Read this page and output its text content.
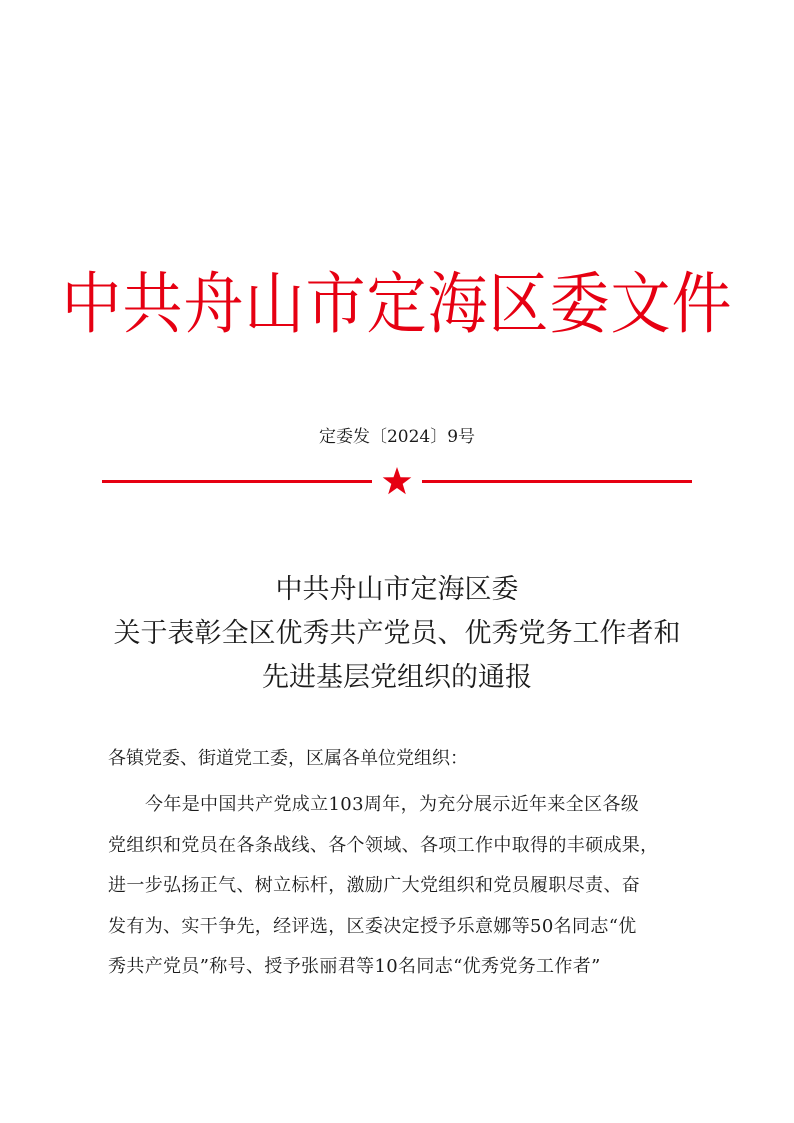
中共舟山市定海区委文件
定委发〔2024〕9号
中共舟山市定海区委
关于表彰全区优秀共产党员、优秀党务工作者和
先进基层党组织的通报
各镇党委、街道党工委，区属各单位党组织：
今年是中国共产党成立103周年，为充分展示近年来全区各级
党组织和党员在各条战线、各个领域、各项工作中取得的丰硕成果，
进一步弘扬正气、树立标杆，激励广大党组织和党员履职尽责、奋
发有为、实干争先，经评选，区委决定授予乐意娜等50名同志“优
秀共产党员”称号、授予张丽君等10名同志“优秀党务工作者”
